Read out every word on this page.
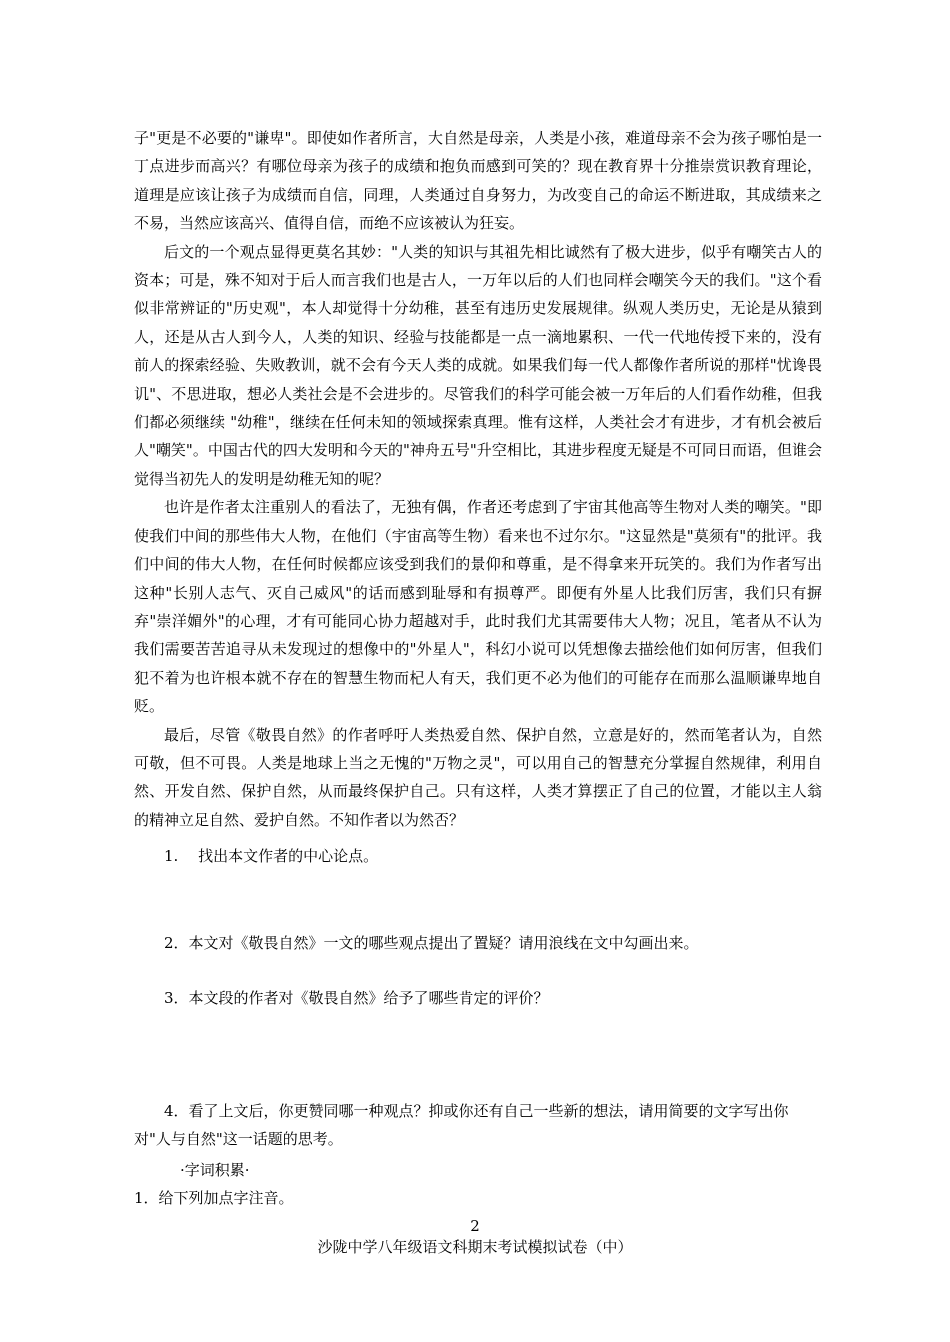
子"更是不必要的"谦卑"。即使如作者所言，大自然是母亲，人类是小孩，难道母亲不会为孩子哪怕是一丁点进步而高兴？有哪位母亲为孩子的成绩和抱负而感到可笑的？现在教育界十分推崇赏识教育理论，道理是应该让孩子为成绩而自信，同理，人类通过自身努力，为改变自己的命运不断进取，其成绩来之不易，当然应该高兴、值得自信，而绝不应该被认为狂妄。

后文的一个观点显得更莫名其妙："人类的知识与其祖先相比诚然有了极大进步，似乎有嘲笑古人的资本；可是，殊不知对于后人而言我们也是古人，一万年以后的人们也同样会嘲笑今天的我们。"这个看似非常辨证的"历史观"，本人却觉得十分幼稚，甚至有违历史发展规律。纵观人类历史，无论是从猿到人，还是从古人到今人，人类的知识、经验与技能都是一点一滴地累积、一代一代地传授下来的，没有前人的探索经验、失败教训，就不会有今天人类的成就。如果我们每一代人都像作者所说的那样"忧谗畏讥"、不思进取，想必人类社会是不会进步的。尽管我们的科学可能会被一万年后的人们看作幼稚，但我们都必须继续 "幼稚"，继续在任何未知的领域探索真理。惟有这样，人类社会才有进步，才有机会被后人"嘲笑"。中国古代的四大发明和今天的"神舟五号"升空相比，其进步程度无疑是不可同日而语，但谁会觉得当初先人的发明是幼稚无知的呢？

也许是作者太注重别人的看法了，无独有偶，作者还考虑到了宇宙其他高等生物对人类的嘲笑。"即使我们中间的那些伟大人物，在他们（宇宙高等生物）看来也不过尔尔。"这显然是"莫须有"的批评。我们中间的伟大人物，在任何时候都应该受到我们的景仰和尊重，是不得拿来开玩笑的。我们为作者写出这种"长别人志气、灭自己威风"的话而感到耻辱和有损尊严。即便有外星人比我们厉害，我们只有摒弃"崇洋媚外"的心理，才有可能同心协力超越对手，此时我们尤其需要伟大人物；况且，笔者从不认为我们需要苦苦追寻从未发现过的想像中的"外星人"，科幻小说可以凭想像去描绘他们如何厉害，但我们犯不着为也许根本就不存在的智慧生物而杞人有天，我们更不必为他们的可能存在而那么温顺谦卑地自贬。

最后，尽管《敬畏自然》的作者呼吁人类热爱自然、保护自然，立意是好的，然而笔者认为，自然可敬，但不可畏。人类是地球上当之无愧的"万物之灵"，可以用自己的智慧充分掌握自然规律，利用自然、开发自然、保护自然，从而最终保护自己。只有这样，人类才算摆正了自己的位置，才能以主人翁的精神立足自然、爱护自然。不知作者以为然否？

1.　 找出本文作者的中心论点。
2．本文对《敬畏自然》一文的哪些观点提出了置疑？请用浪线在文中勾画出来。
3．本文段的作者对《敬畏自然》给予了哪些肯定的评价？
4．看了上文后，你更赞同哪一种观点？抑或你还有自己一些新的想法，请用简要的文字写出你对"人与自然"这一话题的思考。
·字词积累·
1．给下列加点字注音。
2
沙陇中学八年级语文科期末考试模拟试卷（中）
